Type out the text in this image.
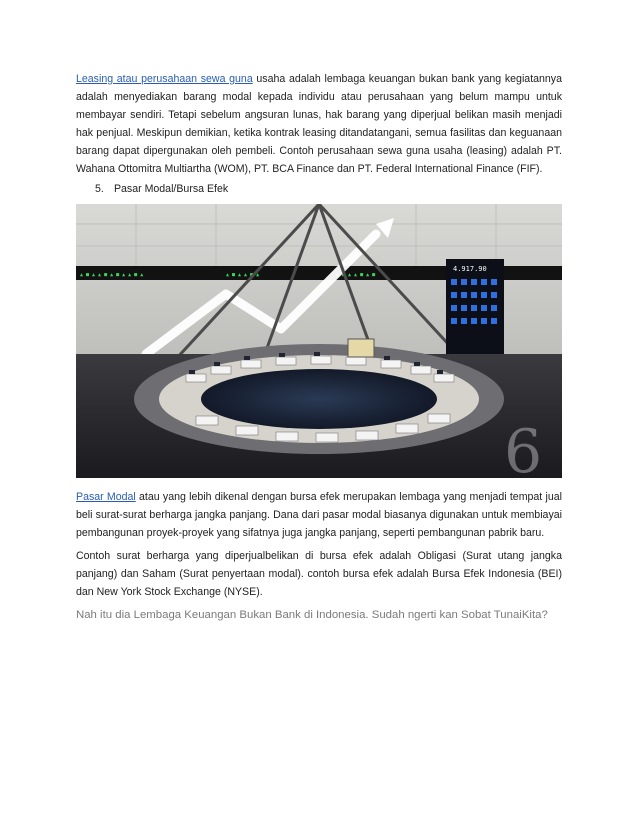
Leasing atau perusahaan sewa guna usaha adalah lembaga keuangan bukan bank yang kegiatannya adalah menyediakan barang modal kepada individu atau perusahaan yang belum mampu untuk membayar sendiri. Tetapi sebelum angsuran lunas, hak barang yang diperjual belikan masih menjadi hak penjual. Meskipun demikian, ketika kontrak leasing ditandatangani, semua fasilitas dan keguanaan barang dapat dipergunakan oleh pembeli. Contoh perusahaan sewa guna usaha (leasing) adalah PT. Wahana Ottomitra Multiartha (WOM), PT. BCA Finance dan PT. Federal International Finance (FIF).

5. Pasar Modal/Bursa Efek

▲ ■ ▲ ▲ ■ ▲ ■ ▲ ▲ ■ ▲	▲ ■ ▲ ▲ ■ ▲	▲ ■ ▲ ▲ ■ ▲ ■
4.917.90
6

Pasar Modal atau yang lebih dikenal dengan bursa efek merupakan lembaga yang menjadi tempat jual beli surat-surat berharga jangka panjang. Dana dari pasar modal biasanya digunakan untuk membiayai pembangunan proyek-proyek yang sifatnya juga jangka panjang, seperti pembangunan pabrik baru.

Contoh surat berharga yang diperjualbelikan di bursa efek adalah Obligasi (Surat utang jangka panjang) dan Saham (Surat penyertaan modal). contoh bursa efek adalah Bursa Efek Indonesia (BEI) dan New York Stock Exchange (NYSE).

Nah itu dia Lembaga Keuangan Bukan Bank di Indonesia. Sudah ngerti kan Sobat TunaiKita?
